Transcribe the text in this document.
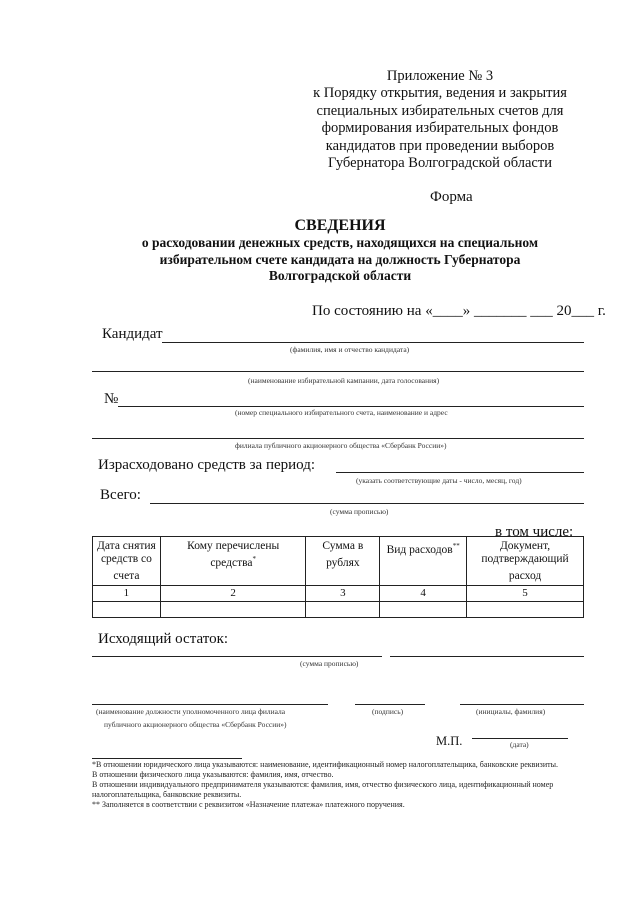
Приложение № 3
к Порядку открытия, ведения и закрытия
специальных избирательных счетов для
формирования избирательных фондов
кандидатов при проведении выборов
Губернатора Волгоградской области
Форма
СВЕДЕНИЯ
о расходовании денежных средств, находящихся на специальном
избирательном счете кандидата на должность Губернатора
Волгоградской области
По состоянию на «____» _______ ___ 20___ г.
Кандидат
(фамилия, имя и отчество кандидата)
(наименование избирательной кампании, дата голосования)
№
(номер специального избирательного счета, наименование и адрес
филиала публичного акционерного общества «Сбербанк России»)
Израсходовано средств за период:
(указать соответствующие даты - число, месяц, год)
Всего:
(сумма прописью)
в том числе:
Дата снятия средств со счета	Кому перечислены средства*	Сумма в рублях	Вид расходов**	Документ, подтверждающий расход
1	2	3	4	5

Исходящий остаток:
(сумма прописью)
(наименование должности уполномоченного лица филиала
публичного акционерного общества «Сбербанк России»)
(подпись)	(инициалы, фамилия)
М.П.	(дата)

*В отношении юридического лица указываются: наименование, идентификационный номер налогоплательщика, банковские реквизиты.

В отношении физического лица указываются: фамилия, имя, отчество.

В отношении индивидуального предпринимателя указываются: фамилия, имя, отчество физического лица, идентификационный номер налогоплательщика, банковские реквизиты.

** Заполняется в соответствии с реквизитом «Назначение платежа» платежного поручения.
